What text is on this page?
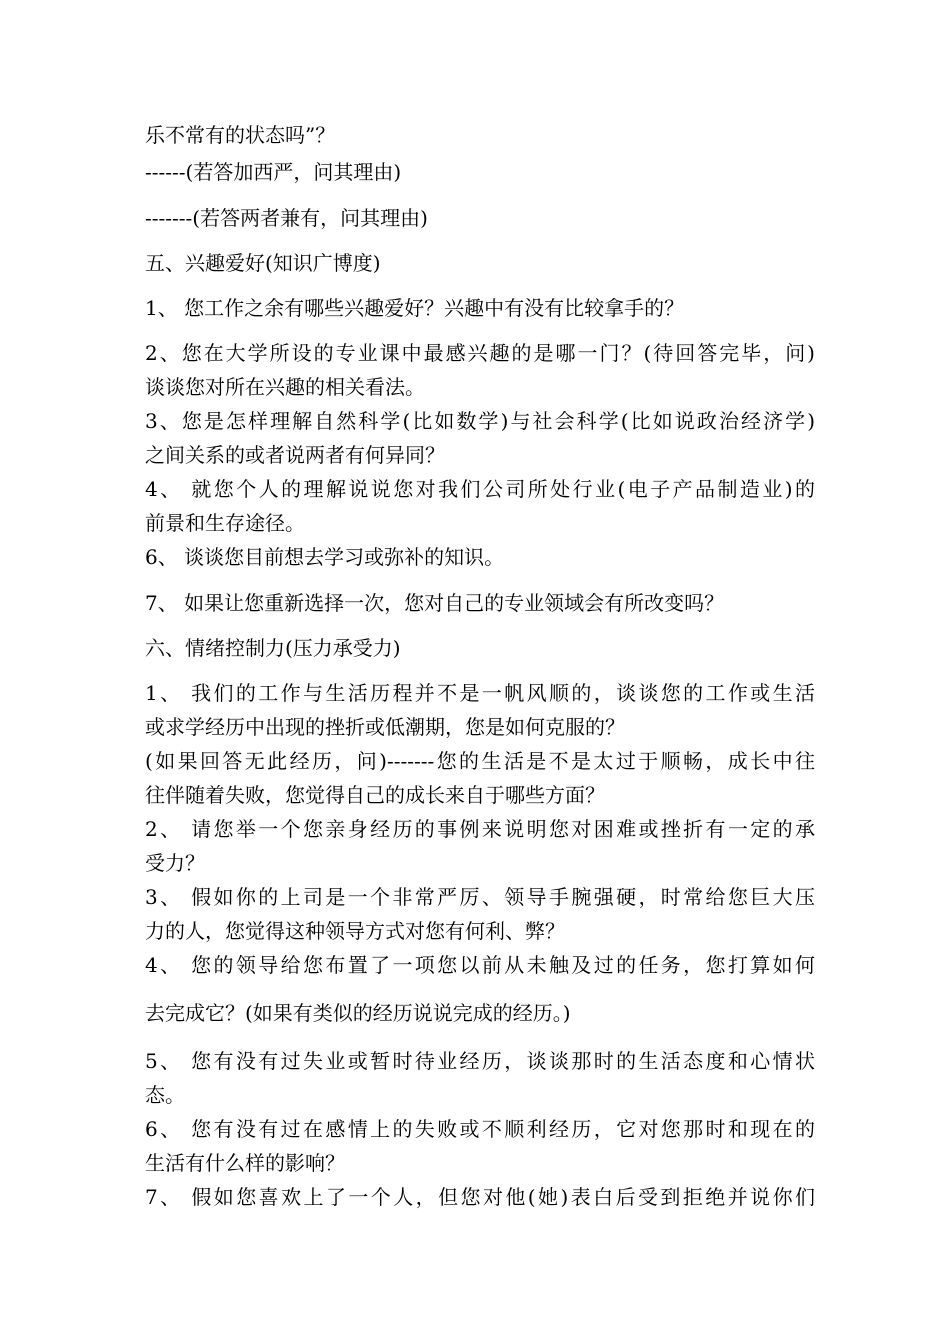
乐不常有的状态吗”？
------(若答加西严，问其理由)
-------(若答两者兼有，问其理由)
五、兴趣爱好(知识广博度)
1、 您工作之余有哪些兴趣爱好？兴趣中有没有比较拿手的？
2、您在大学所设的专业课中最感兴趣的是哪一门？(待回答完毕，问)
谈谈您对所在兴趣的相关看法。
3、您是怎样理解自然科学(比如数学)与社会科学(比如说政治经济学)
之间关系的或者说两者有何异同？
4、 就您个人的理解说说您对我们公司所处行业(电子产品制造业)的
前景和生存途径。
6、 谈谈您目前想去学习或弥补的知识。
7、 如果让您重新选择一次，您对自己的专业领域会有所改变吗？
六、情绪控制力(压力承受力)
1、 我们的工作与生活历程并不是一帆风顺的，谈谈您的工作或生活
或求学经历中出现的挫折或低潮期，您是如何克服的？
(如果回答无此经历，问)-------您的生活是不是太过于顺畅，成长中往
往伴随着失败，您觉得自己的成长来自于哪些方面？
2、 请您举一个您亲身经历的事例来说明您对困难或挫折有一定的承
受力？
3、 假如你的上司是一个非常严厉、领导手腕强硬，时常给您巨大压
力的人，您觉得这种领导方式对您有何利、弊？
4、 您的领导给您布置了一项您以前从未触及过的任务，您打算如何
去完成它？(如果有类似的经历说说完成的经历。)
5、 您有没有过失业或暂时待业经历，谈谈那时的生活态度和心情状
态。
6、 您有没有过在感情上的失败或不顺利经历，它对您那时和现在的
生活有什么样的影响？
7、 假如您喜欢上了一个人，但您对他(她)表白后受到拒绝并说你们
